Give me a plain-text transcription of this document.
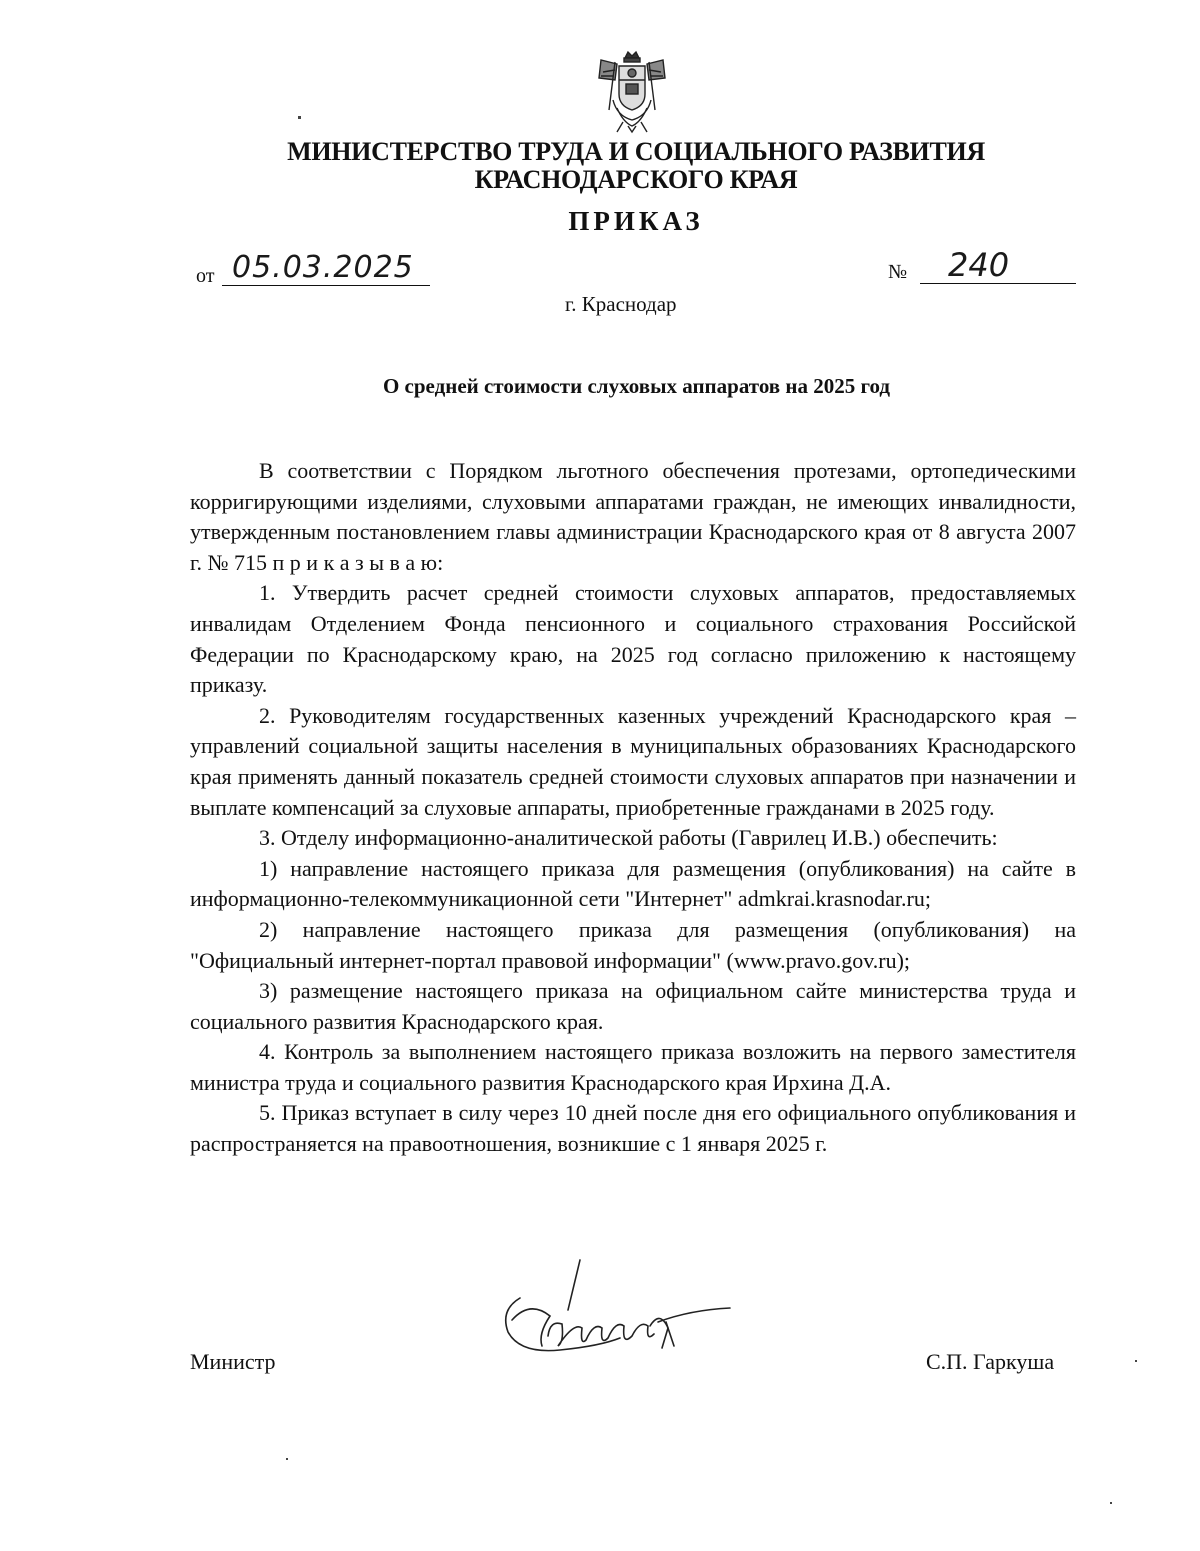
МИНИСТЕРСТВО ТРУДА И СОЦИАЛЬНОГО РАЗВИТИЯ
КРАСНОДАРСКОГО КРАЯ
ПРИКАЗ
от 05.03.2025	№ 240
г. Краснодар
О средней стоимости слуховых аппаратов на 2025 год

В соответствии с Порядком льготного обеспечения протезами, ортопедическими корригирующими изделиями, слуховыми аппаратами граждан, не имеющих инвалидности, утвержденным постановлением главы администрации Краснодарского края от 8 августа 2007 г. № 715 п р и к а з ы в а ю:

1. Утвердить расчет средней стоимости слуховых аппаратов, предоставляемых инвалидам Отделением Фонда пенсионного и социального страхования Российской Федерации по Краснодарскому краю, на 2025 год согласно приложению к настоящему приказу.

2. Руководителям государственных казенных учреждений Краснодарского края – управлений социальной защиты населения в муниципальных образованиях Краснодарского края применять данный показатель средней стоимости слуховых аппаратов при назначении и выплате компенсаций за слуховые аппараты, приобретенные гражданами в 2025 году.

3. Отделу информационно-аналитической работы (Гаврилец И.В.) обеспечить:

1) направление настоящего приказа для размещения (опубликования) на сайте в информационно-телекоммуникационной сети "Интернет" admkrai.krasnodar.ru;

2) направление настоящего приказа для размещения (опубликования) на "Официальный интернет-портал правовой информации" (www.pravo.gov.ru);

3) размещение настоящего приказа на официальном сайте министерства труда и социального развития Краснодарского края.

4. Контроль за выполнением настоящего приказа возложить на первого заместителя министра труда и социального развития Краснодарского края Ирхина Д.А.

5. Приказ вступает в силу через 10 дней после дня его официального опубликования и распространяется на правоотношения, возникшие с 1 января 2025 г.

Министр	С.П. Гаркуша
